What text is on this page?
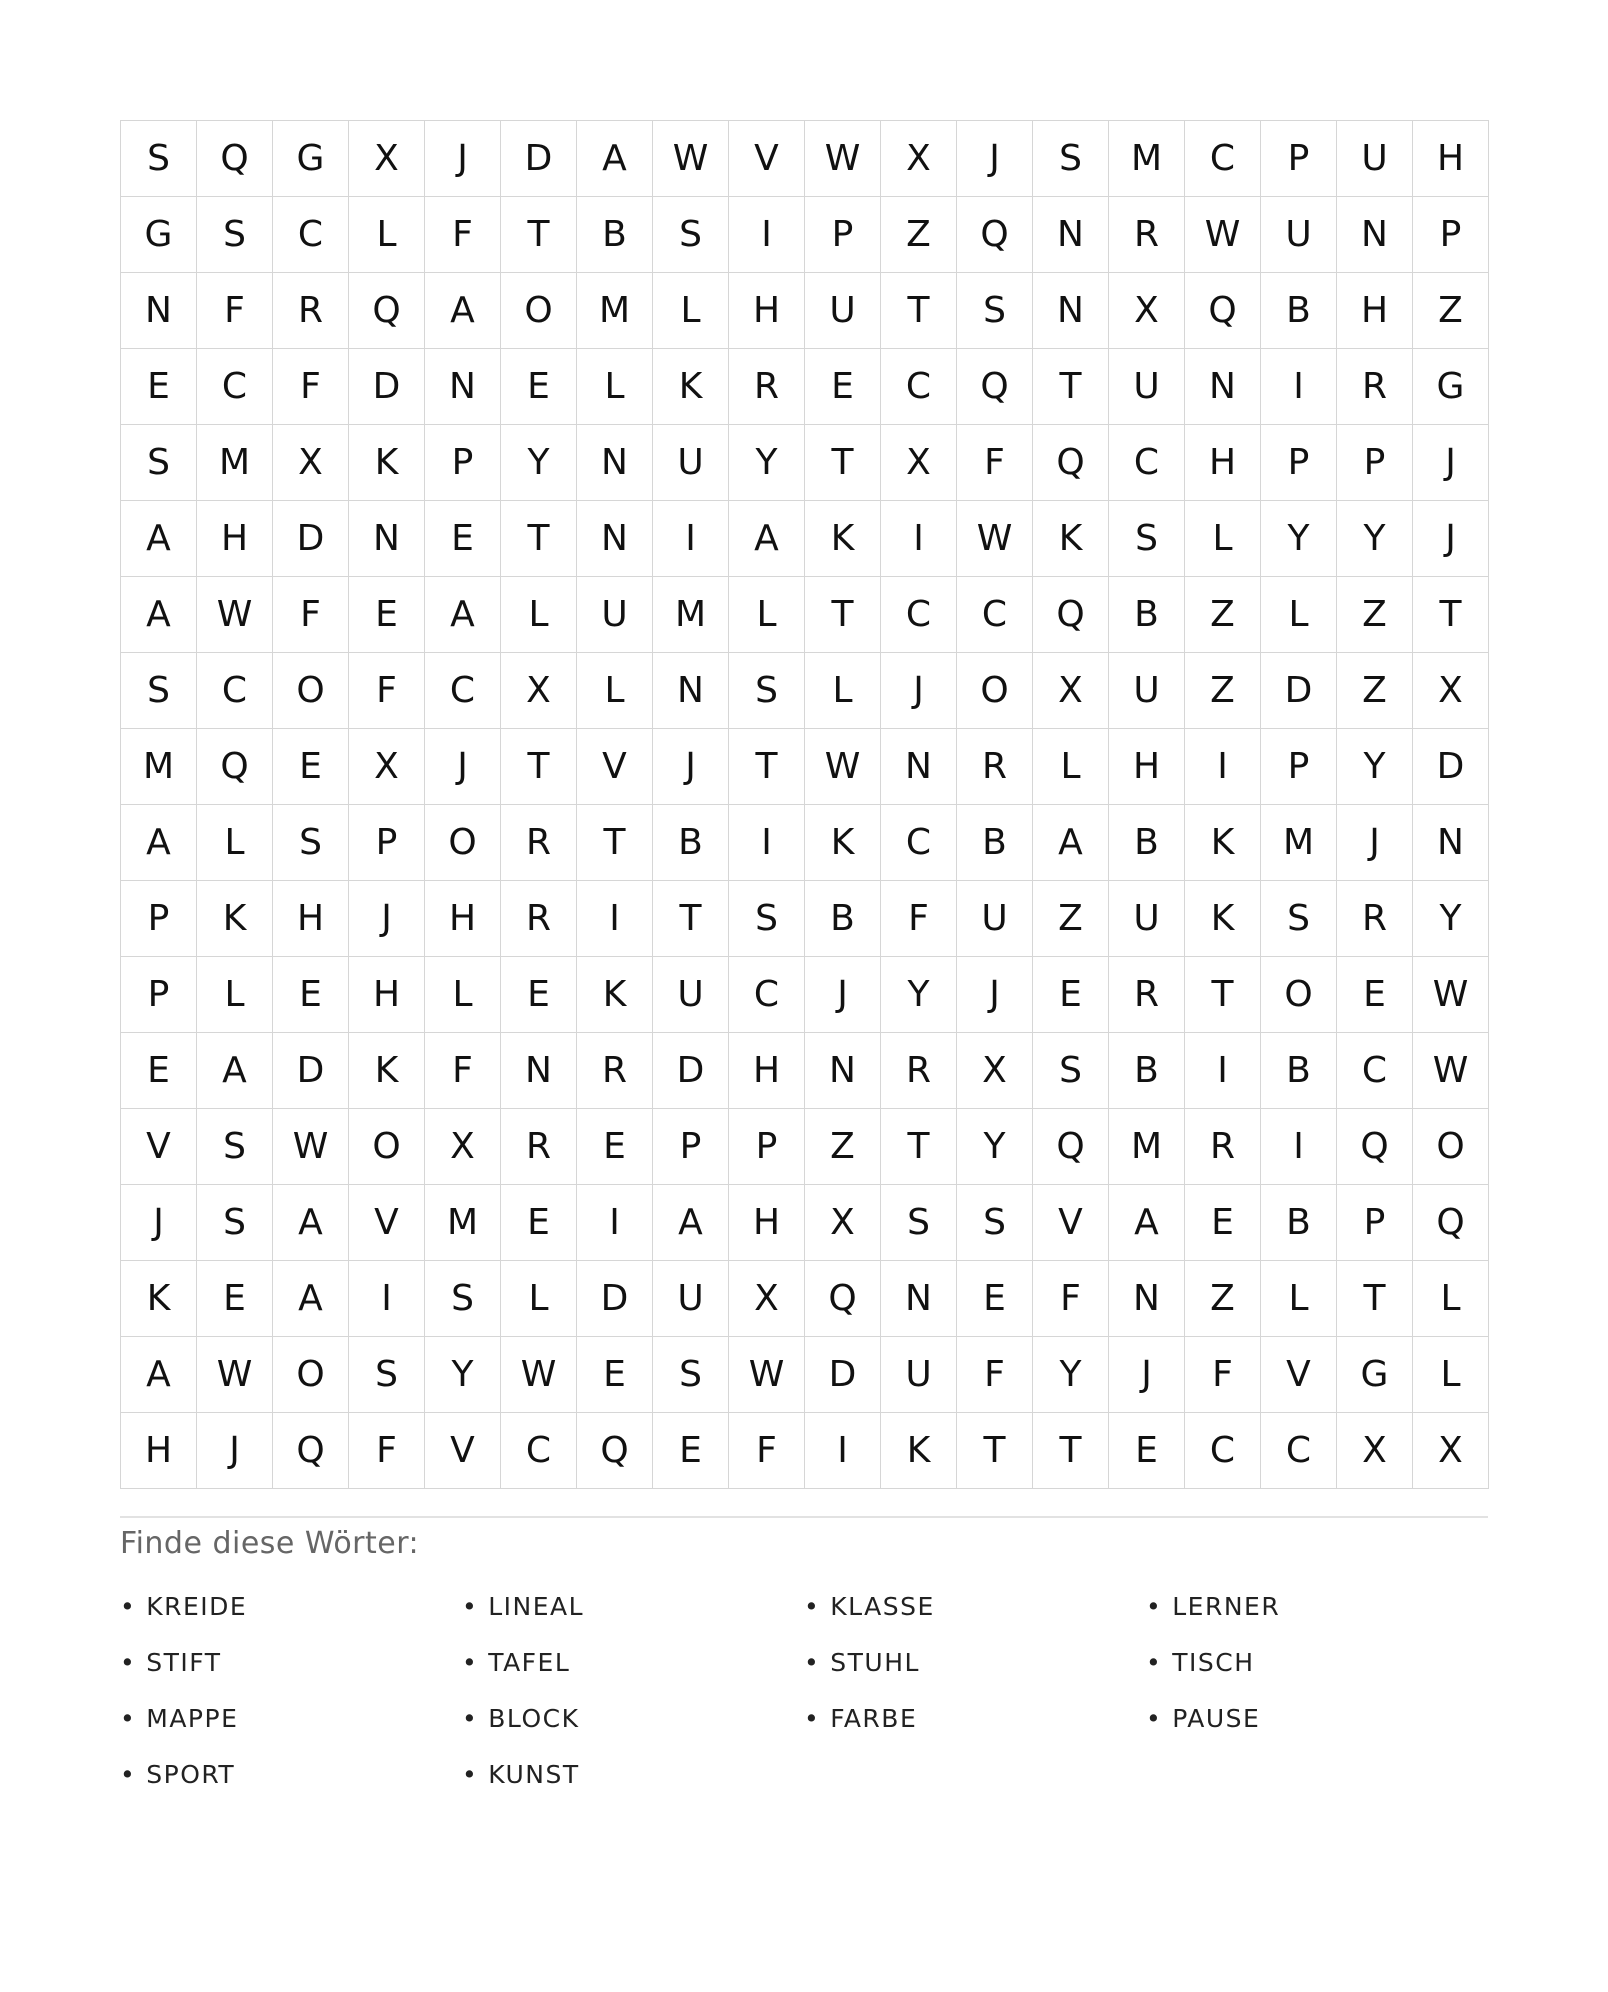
S	Q	G	X	J	D	A	W	V	W	X	J	S	M	C	P	U	H
G	S	C	L	F	T	B	S	I	P	Z	Q	N	R	W	U	N	P
N	F	R	Q	A	O	M	L	H	U	T	S	N	X	Q	B	H	Z
E	C	F	D	N	E	L	K	R	E	C	Q	T	U	N	I	R	G
S	M	X	K	P	Y	N	U	Y	T	X	F	Q	C	H	P	P	J
A	H	D	N	E	T	N	I	A	K	I	W	K	S	L	Y	Y	J
A	W	F	E	A	L	U	M	L	T	C	C	Q	B	Z	L	Z	T
S	C	O	F	C	X	L	N	S	L	J	O	X	U	Z	D	Z	X
M	Q	E	X	J	T	V	J	T	W	N	R	L	H	I	P	Y	D
A	L	S	P	O	R	T	B	I	K	C	B	A	B	K	M	J	N
P	K	H	J	H	R	I	T	S	B	F	U	Z	U	K	S	R	Y
P	L	E	H	L	E	K	U	C	J	Y	J	E	R	T	O	E	W
E	A	D	K	F	N	R	D	H	N	R	X	S	B	I	B	C	W
V	S	W	O	X	R	E	P	P	Z	T	Y	Q	M	R	I	Q	O
J	S	A	V	M	E	I	A	H	X	S	S	V	A	E	B	P	Q
K	E	A	I	S	L	D	U	X	Q	N	E	F	N	Z	L	T	L
A	W	O	S	Y	W	E	S	W	D	U	F	Y	J	F	V	G	L
H	J	Q	F	V	C	Q	E	F	I	K	T	T	E	C	C	X	X
Finde diese Wörter:
• KREIDE	• LINEAL	• KLASSE	• LERNER
• STIFT	• TAFEL	• STUHL	• TISCH
• MAPPE	• BLOCK	• FARBE	• PAUSE
• SPORT	• KUNST
